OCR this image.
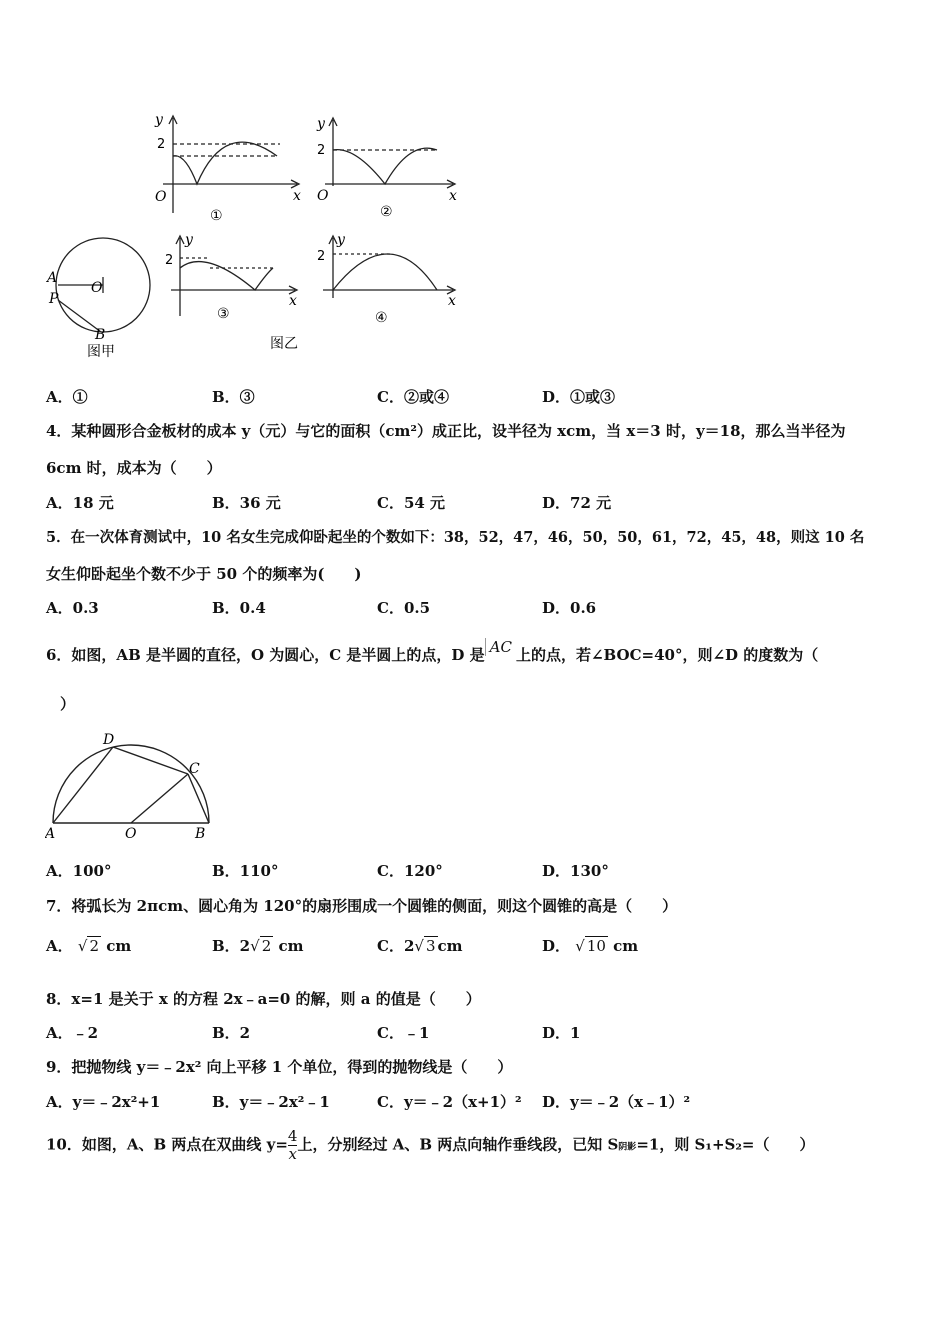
y
2
O	x
①
y
2
O	x
②
A
P
O
B
图甲
y
2
x
③
图乙
y
2
x
④
A．①	B．③	C．②或④	D．①或③
4．某种圆形合金板材的成本 y（元）与它的面积（cm²）成正比，设半径为 xcm，当 x＝3 时，y＝18，那么当半径为
6cm 时，成本为（　　）
A．18 元	B．36 元	C．54 元	D．72 元
5．在一次体育测试中，10 名女生完成仰卧起坐的个数如下：38，52，47，46，50，50，61，72，45，48，则这 10 名
女生仰卧起坐个数不少于 50 个的频率为(　　)
A．0.3	B．0.4	C．0.5	D．0.6
6．如图，AB 是半圆的直径，O 为圆心，C 是半圆上的点，D 是 AC 上的点，若∠BOC=40°，则∠D 的度数为（
）
D
C
A	O	B
A．100°	B．110°	C．120°	D．130°
7．将弧长为 2πcm、圆心角为 120°的扇形围成一个圆锥的侧面，则这个圆锥的高是（　　）
A． √ 2 cm	B．2√ 2 cm	C．2√ 3 cm	D． √ 10 cm
8．x=1 是关于 x 的方程 2x﹣a=0 的解，则 a 的值是（　　）
A．﹣2	B．2	C．﹣1	D．1
9．把抛物线 y＝﹣2x² 向上平移 1 个单位，得到的抛物线是（　　）
A．y＝﹣2x²+1	B．y＝﹣2x²﹣1	C．y＝﹣2（x+1）² D．y＝﹣2（x﹣1）²
10．如图，A、B 两点在双曲线 $y= \frac{4}{x}$ 上，分别经过 A、B 两点向轴作垂线段，已知 S阴影=1，则 S₁+S₂=（　　）
